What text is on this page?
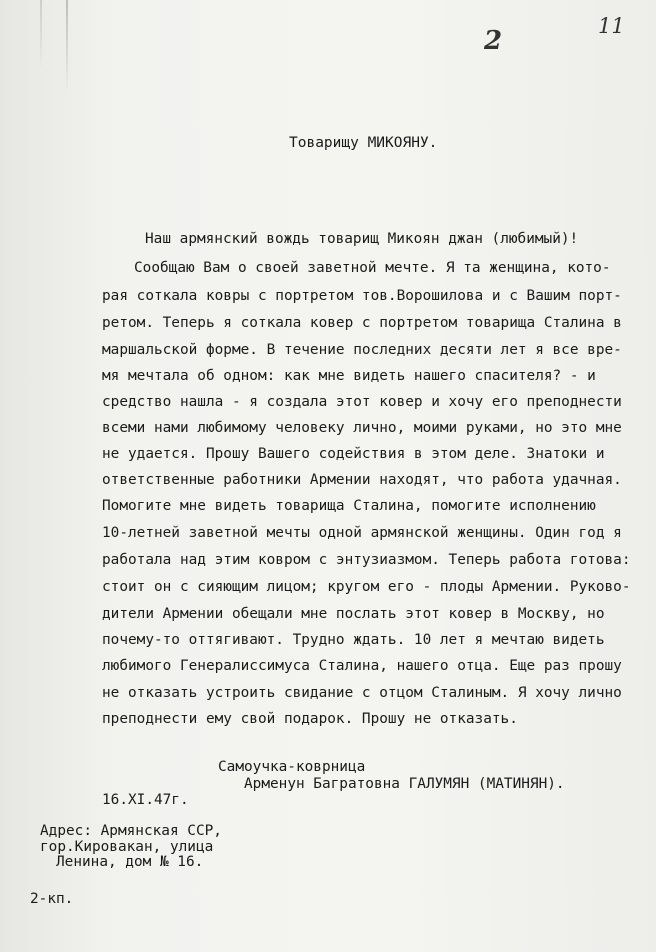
2	11
Товарищу МИКОЯНУ.
Наш армянский вождь товарищ Микоян джан (любимый)!
Сообщаю Вам о своей заветной мечте. Я та женщина, кото-
рая соткала ковры с портретом тов.Ворошилова и с Вашим порт-
ретом. Теперь я соткала ковер с портретом товарища Сталина в
маршальской форме. В течение последних десяти лет я все вре-
мя мечтала об одном: как мне видеть нашего спасителя? - и
средство нашла - я создала этот ковер и хочу его преподнести
всеми нами любимому человеку лично, моими руками, но это мне
не удается. Прошу Вашего содействия в этом деле. Знатоки и
ответственные работники Армении находят, что работа удачная.
Помогите мне видеть товарища Сталина, помогите исполнению
10-летней заветной мечты одной армянской женщины. Один год я
работала над этим ковром с энтузиазмом. Теперь работа готова:
стоит он с сияющим лицом; кругом его - плоды Армении. Руково-
дители Армении обещали мне послать этот ковер в Москву, но
почему-то оттягивают. Трудно ждать. 10 лет я мечтаю видеть
любимого Генералиссимуса Сталина, нашего отца. Еще раз прошу
не отказать устроить свидание с отцом Сталиным. Я хочу лично
преподнести ему свой подарок. Прошу не отказать.
Самоучка-коврница
Арменун Багратовна ГАЛУМЯН (МАТИНЯН).
16.XI.47г.
Адрес: Армянская ССР,
гор.Кировакан, улица
Ленина, дом № 16.
2-кп.
